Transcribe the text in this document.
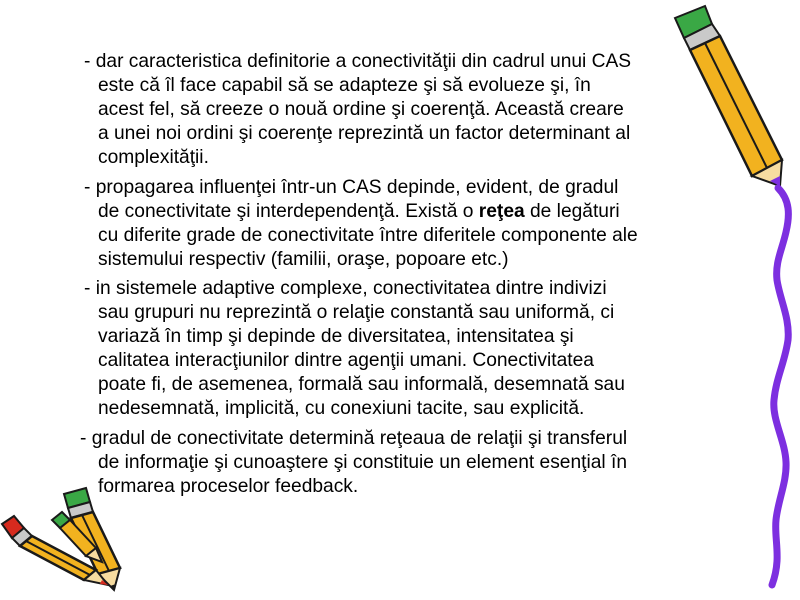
- dar caracteristica definitorie a conectivităţii din cadrul unui CAS
este că îl face capabil să se adapteze şi să evolueze şi, în
acest fel, să creeze o nouă ordine şi coerenţă. Această creare
a unei noi ordini şi coerenţe reprezintă un factor determinant al
complexităţii.
- propagarea influenţei într-un CAS depinde, evident, de gradul
de conectivitate şi interdependenţă. Există o reţea de legături
cu diferite grade de conectivitate între diferitele componente ale
sistemului respectiv (familii, oraşe, popoare etc.)
- in sistemele adaptive complexe, conectivitatea dintre indivizi
sau grupuri nu reprezintă o relaţie constantă sau uniformă, ci
variază în timp şi depinde de diversitatea, intensitatea şi
calitatea interacţiunilor dintre agenţii umani. Conectivitatea
poate fi, de asemenea, formală sau informală, desemnată sau
nedesemnată, implicită, cu conexiuni tacite, sau explicită.
- gradul de conectivitate determină reţeaua de relaţii şi transferul
de informaţie şi cunoaştere şi constituie un element esenţial în
formarea proceselor feedback.
